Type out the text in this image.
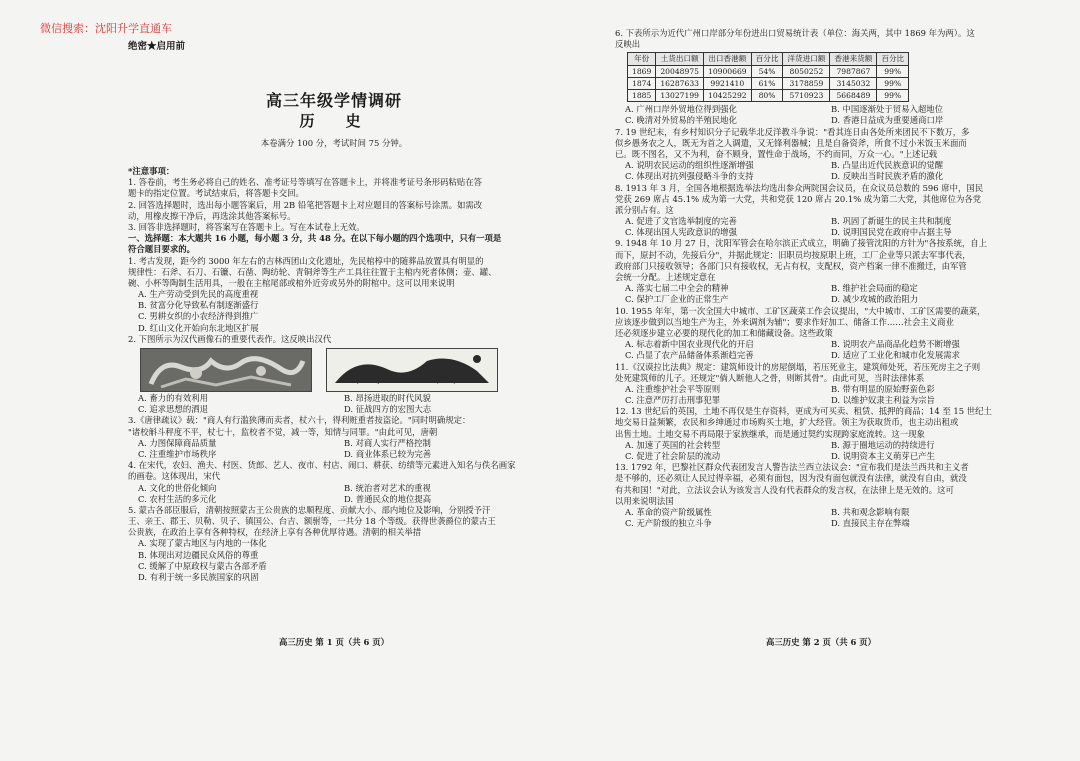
微信搜索：沈阳升学直通车
绝密★启用前
高三年级学情调研
历　史
本卷满分 100 分，考试时间 75 分钟。
*注意事项：
1. 答卷前，考生务必将自己的姓名、准考证号等填写在答题卡上，并将准考证号条形码粘贴在答
题卡的指定位置。考试结束后，将答题卡交回。
2. 回答选择题时，选出每小题答案后，用 2B 铅笔把答题卡上对应题目的答案标号涂黑。如需改
动，用橡皮擦干净后，再选涂其他答案标号。
3. 回答非选择题时，将答案写在答题卡上。写在本试卷上无效。
一、选择题：本大题共 16 小题，每小题 3 分，共 48 分。在以下每小题的四个选项中，只有一项是
符合题目要求的。
1. 考古发现，距今约 3000 年左右的吉林西团山文化遗址，先民棺椁中的随葬品放置具有明显的
规律性：石斧、石刀、石镰、石凿、陶纺轮、青铜斧等生产工具往往置于主棺内死者体侧；壶、罐、
碗、小杯等陶制生活用具，一般在主棺尾部或棺外近旁或另外的附棺中。这可以用来说明
A. 生产劳动受到先民的高度重视
B. 贫富分化导致私有制逐渐盛行
C. 男耕女织的小农经济得到推广
D. 红山文化开始向东北地区扩展
2. 下图所示为汉代画像石的重要代表作。这反映出汉代
A. 畜力的有效利用	B. 昂扬进取的时代风貌
C. 追求思想的洒退	D. 征战四方的宏图大志
3.《唐律疏议》载："商人有行滥狭薄而卖者，杖六十，得利赃重者按盗论。"同时明确规定：
"诸校斛斗秤度不平，杖七十，监校者不觉，减一等，知情与同罪。"由此可见，唐朝
A. 力图保障商品质量	B. 对商人实行严格控制
C. 注重维护市场秩序	D. 商业体系已较为完善
4. 在宋代，农妇、渔夫、村医、货郎、艺人、夜市、村店、闹口、耕获、纺绩等元素进入知名与佚名画家
的画卷。这体现出，宋代
A. 文化的世俗化倾向	B. 统治者对艺术的重视
C. 农村生活的多元化	D. 普通民众的地位提高
5. 蒙古各部臣服后，清朝按照蒙古王公贵族的忠顺程度、贡献大小、部内地位及影响，分别授予汗
王、亲王、郡王、贝勒、贝子、镇国公、台吉、额驸等，一共分 18 个等级。获得世袭爵位的蒙古王
公贵族，在政治上享有各种特权，在经济上享有各种优厚待遇。清朝的相关举措
A. 实现了蒙古地区与内地的一体化
B. 体现出对边疆民众风俗的尊重
C. 缓解了中原政权与蒙古各部矛盾
D. 有利于统一多民族国家的巩固
高三历史 第 1 页（共 6 页）
6. 下表所示为近代广州口岸部分年份进出口贸易统计表（单位：海关两，其中 1869 年为两）。这
反映出
年份	土货出口额	出口香港额	百分比	洋货进口额	香港来货额	百分比
1869	20048975	10900669	54%	8050252	7987867	99%
1874	16287633	9921410	61%	3178859	3145032	99%
1885	13027199	10425292	80%	5710923	5668489	99%
A. 广州口岸外贸地位得到强化	B. 中国逐渐处于贸易入超地位
C. 晚清对外贸易的半殖民地化	D. 香港日益成为重要通商口岸
7. 19 世纪末，有乡村知识分子记载华北反洋教斗争说："看其连日由各处所来团民不下数万，多
似乡愚务农之人，既无为首之人调遣，又无锋利器械；且是自备资斧，所食不过小米饭玉米面而
已。既不图名，又不为利，奋不顾身，置性命于战场，不约而同，万众一心。"上述记载
A. 说明农民运动的组织性逐渐增强	B. 凸显出近代民族意识的觉醒
C. 体现出对抗列强侵略斗争的支持	D. 反映出当时民族矛盾的激化
8. 1913 年 3 月，全国各地根据选举法均选出参众两院国会议员，在众议员总数的 596 席中，国民
党获 269 席占 45.1% 成为第一大党，共和党获 120 席占 20.1% 成为第二大党，其他席位为各党
派分别占有。这
A. 促进了文官选举制度的完善	B. 巩固了新诞生的民主共和制度
C. 体现出国人宪政意识的增强	D. 说明国民党在政府中占据主导
9. 1948 年 10 月 27 日，沈阳军管会在哈尔滨正式成立，明确了接管沈阳的方针为"各按系统，自上
而下，原封不动，先接后分"，并据此规定：旧职员均按原职上班，工厂企业等只派去军事代表，
政府部门只接收领导；各部门只有接收权，无占有权，支配权，资产档案一律不准搬迁，由军管
会统一分配。上述规定意在
A. 落实七届二中全会的精神	B. 维护社会局面的稳定
C. 保护工厂企业的正常生产	D. 减少攻城的政治阻力
10. 1955 年年，第一次全国大中城市、工矿区蔬菜工作会议提出，"大中城市、工矿区需要的蔬菜，
应该逐步做到以当地生产为主，外来调剂为辅"；要求作好加工、储备工作……社会主义商业
还必须逐步建立必要的现代化的加工和储藏设备。这些政策
A. 标志着新中国农业现代化的开启	B. 说明农产品商品化趋势不断增强
C. 凸显了农产品储备体系渐趋完善	D. 适应了工业化和城市化发展需求
11.《汉谟拉比法典》规定：建筑师设计的房屋倒塌，若压死业主，建筑师处死，若压死房主之子则
处死建筑师的儿子。还规定"倘人断他人之骨，则断其骨"。由此可见，当时法律体系
A. 注重维护社会平等原则	B. 带有明显的原始野蛮色彩
C. 注意严厉打击刑事犯罪	D. 以维护奴隶主利益为宗旨
12. 13 世纪后的英国，土地不再仅是生存资料，更成为可买卖、租赁、抵押的商品；14 至 15 世纪土
地交易日益频繁，农民和乡绅通过市场购买土地，扩大经营。领主为获取货币，也主动出租或
出售土地。土地交易不再局限于家族继承，而是通过契约实现跨家庭流转。这一现象
A. 加速了英国的社会转型	B. 源于圈地运动的持续进行
C. 促进了社会阶层的流动	D. 说明资本主义萌芽已产生
13. 1792 年，巴黎社区群众代表团发言人警告法兰西立法议会："宣布我们是法兰西共和主义者
是不够的，还必须让人民过得幸福，必须有面包，因为没有面包就没有法律，就没有自由，就没
有共和国！"对此，立法议会认为该发言人没有代表群众的发言权，在法律上是无效的。这可
以用来说明法国
A. 革命的资产阶级属性	B. 共和观念影响有限
C. 无产阶级的独立斗争	D. 直接民主存在弊端
高三历史 第 2 页（共 6 页）
